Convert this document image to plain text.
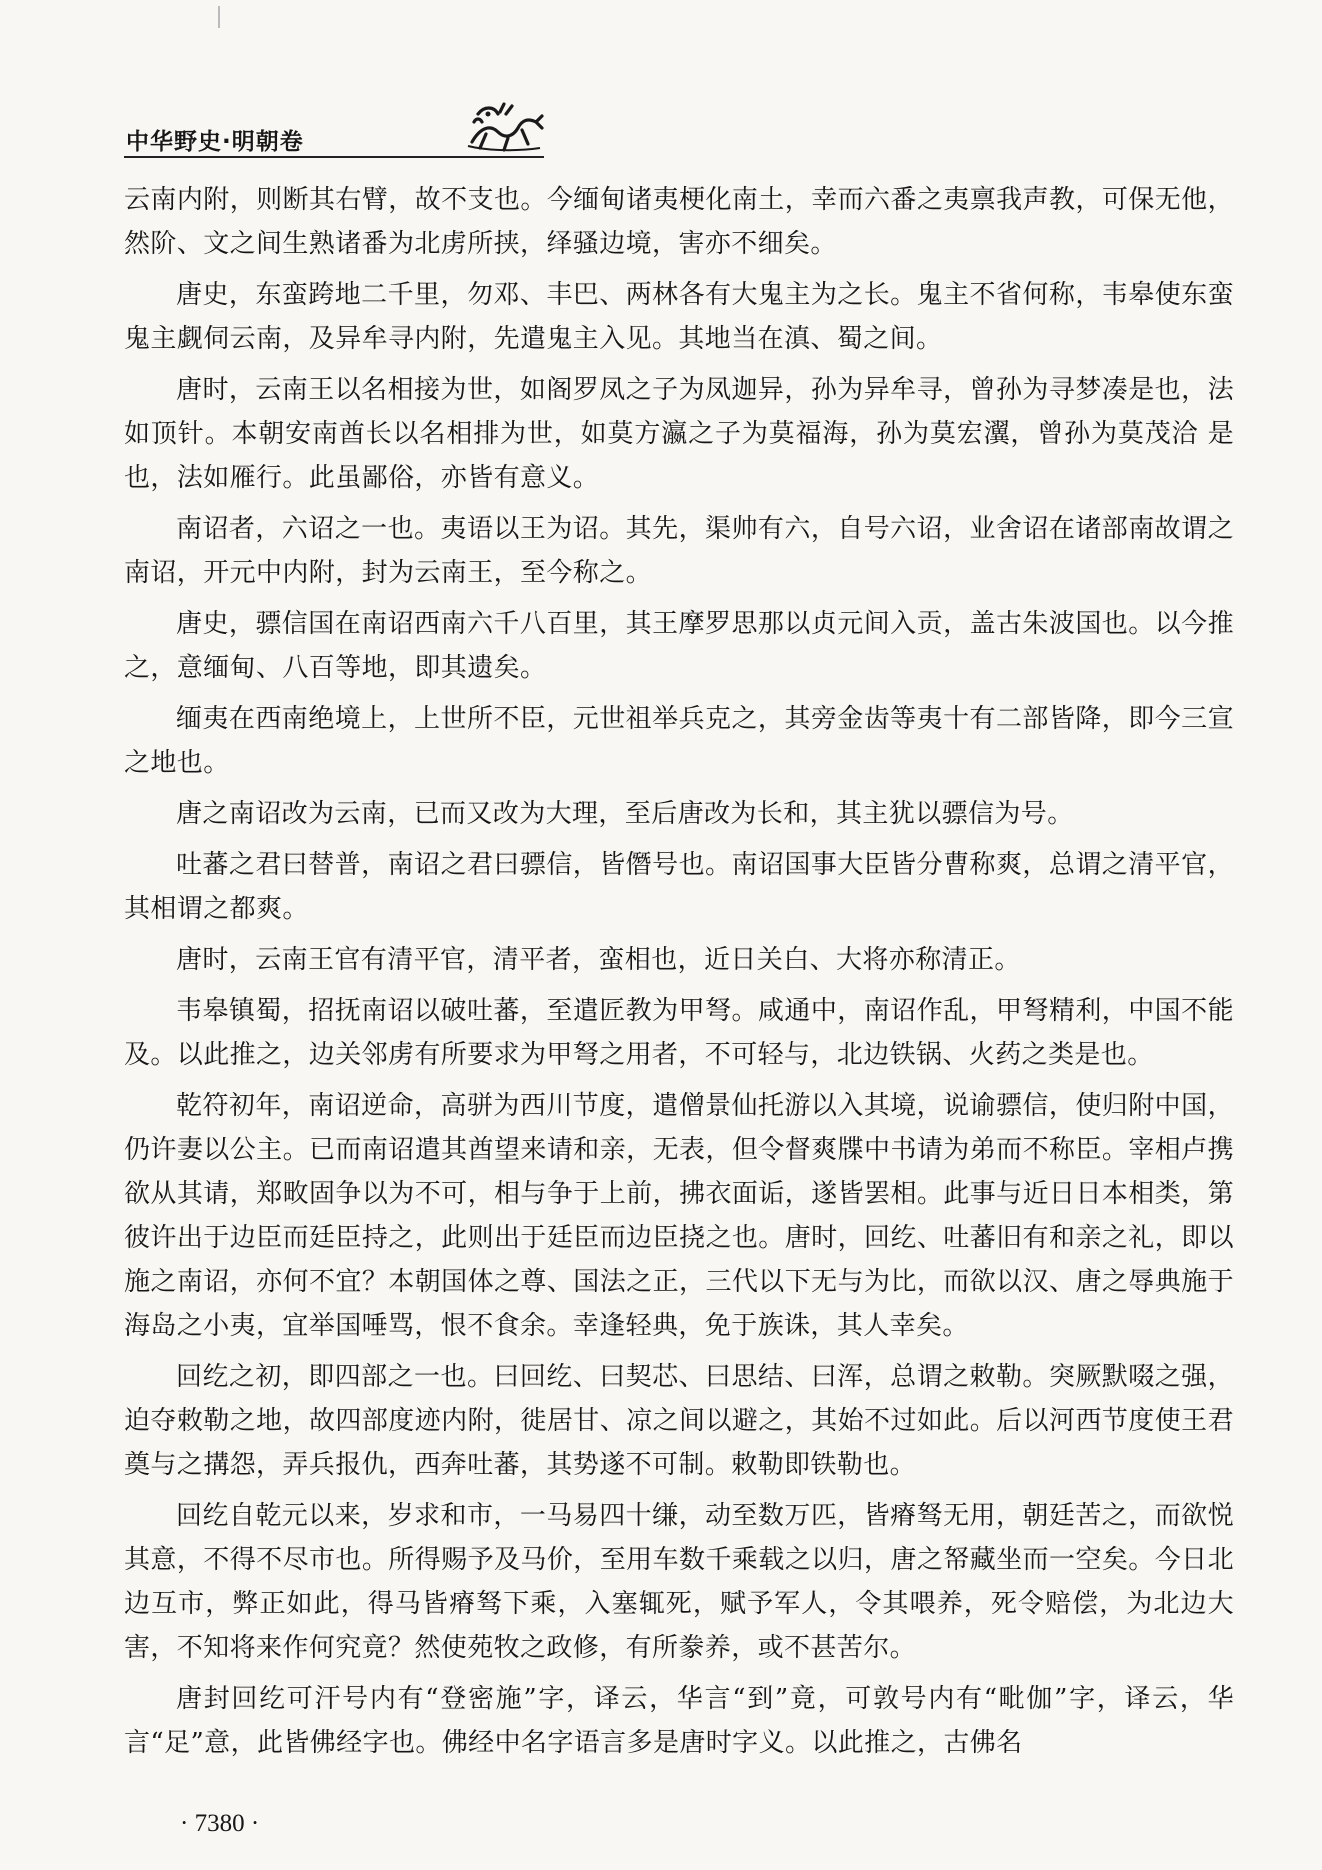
中华野史·明朝卷

云南内附，则断其右臂，故不支也。今缅甸诸夷梗化南土，幸而六番之夷禀我声教，可保无他，然阶、文之间生熟诸番为北虏所挟，绎骚边境，害亦不细矣。

唐史，东蛮跨地二千里，勿邓、丰巴、两林各有大鬼主为之长。鬼主不省何称，韦皋使东蛮鬼主觑伺云南，及异牟寻内附，先遣鬼主入见。其地当在滇、蜀之间。

唐时，云南王以名相接为世，如阁罗凤之子为凤迦异，孙为异牟寻，曾孙为寻梦凑是也，法如顶针。本朝安南酋长以名相排为世，如莫方瀛之子为莫福海，孙为莫宏瀷，曾孙为莫茂洽 是也，法如雁行。此虽鄙俗，亦皆有意义。

南诏者，六诏之一也。夷语以王为诏。其先，渠帅有六，自号六诏，业舍诏在诸部南故谓之南诏，开元中内附，封为云南王，至今称之。

唐史，骠信国在南诏西南六千八百里，其王摩罗思那以贞元间入贡，盖古朱波国也。以今推之，意缅甸、八百等地，即其遗矣。

缅夷在西南绝境上，上世所不臣，元世祖举兵克之，其旁金齿等夷十有二部皆降，即今三宣之地也。

唐之南诏改为云南，已而又改为大理，至后唐改为长和，其主犹以骠信为号。

吐蕃之君曰替普，南诏之君曰骠信，皆僭号也。南诏国事大臣皆分曹称爽，总谓之清平官，其相谓之都爽。

唐时，云南王官有清平官，清平者，蛮相也，近日关白、大将亦称清正。

韦皋镇蜀，招抚南诏以破吐蕃，至遣匠教为甲弩。咸通中，南诏作乱，甲弩精利，中国不能及。以此推之，边关邻虏有所要求为甲弩之用者，不可轻与，北边铁锅、火药之类是也。

乾符初年，南诏逆命，高骈为西川节度，遣僧景仙托游以入其境，说谕骠信，使归附中国，仍许妻以公主。已而南诏遣其酋望来请和亲，无表，但令督爽牒中书请为弟而不称臣。宰相卢携欲从其请，郑畋固争以为不可，相与争于上前，拂衣面诟，遂皆罢相。此事与近日日本相类，第彼许出于边臣而廷臣持之，此则出于廷臣而边臣挠之也。唐时，回纥、吐蕃旧有和亲之礼，即以施之南诏，亦何不宜？本朝国体之尊、国法之正，三代以下无与为比，而欲以汉、唐之辱典施于海岛之小夷，宜举国唾骂，恨不食余。幸逢轻典，免于族诛，其人幸矣。

回纥之初，即四部之一也。曰回纥、曰契芯、曰思结、曰浑，总谓之敕勒。突厥默啜之强，迫夺敕勒之地，故四部度迹内附，徙居甘、凉之间以避之，其始不过如此。后以河西节度使王君奠与之搆怨，弄兵报仇，西奔吐蕃，其势遂不可制。敕勒即铁勒也。

回纥自乾元以来，岁求和市，一马易四十缣，动至数万匹，皆瘠驽无用，朝廷苦之，而欲悦其意，不得不尽市也。所得赐予及马价，至用车数千乘载之以归，唐之帑藏坐而一空矣。今日北边互市，弊正如此，得马皆瘠驽下乘，入塞辄死，赋予军人，令其喂养，死令赔偿，为北边大害，不知将来作何究竟？然使苑牧之政修，有所豢养，或不甚苦尔。

唐封回纥可汗号内有“登密施”字，译云，华言“到”竟，可敦号内有“毗伽”字，译云，华言“足”意，此皆佛经字也。佛经中名字语言多是唐时字义。以此推之，古佛名

· 7380 ·
